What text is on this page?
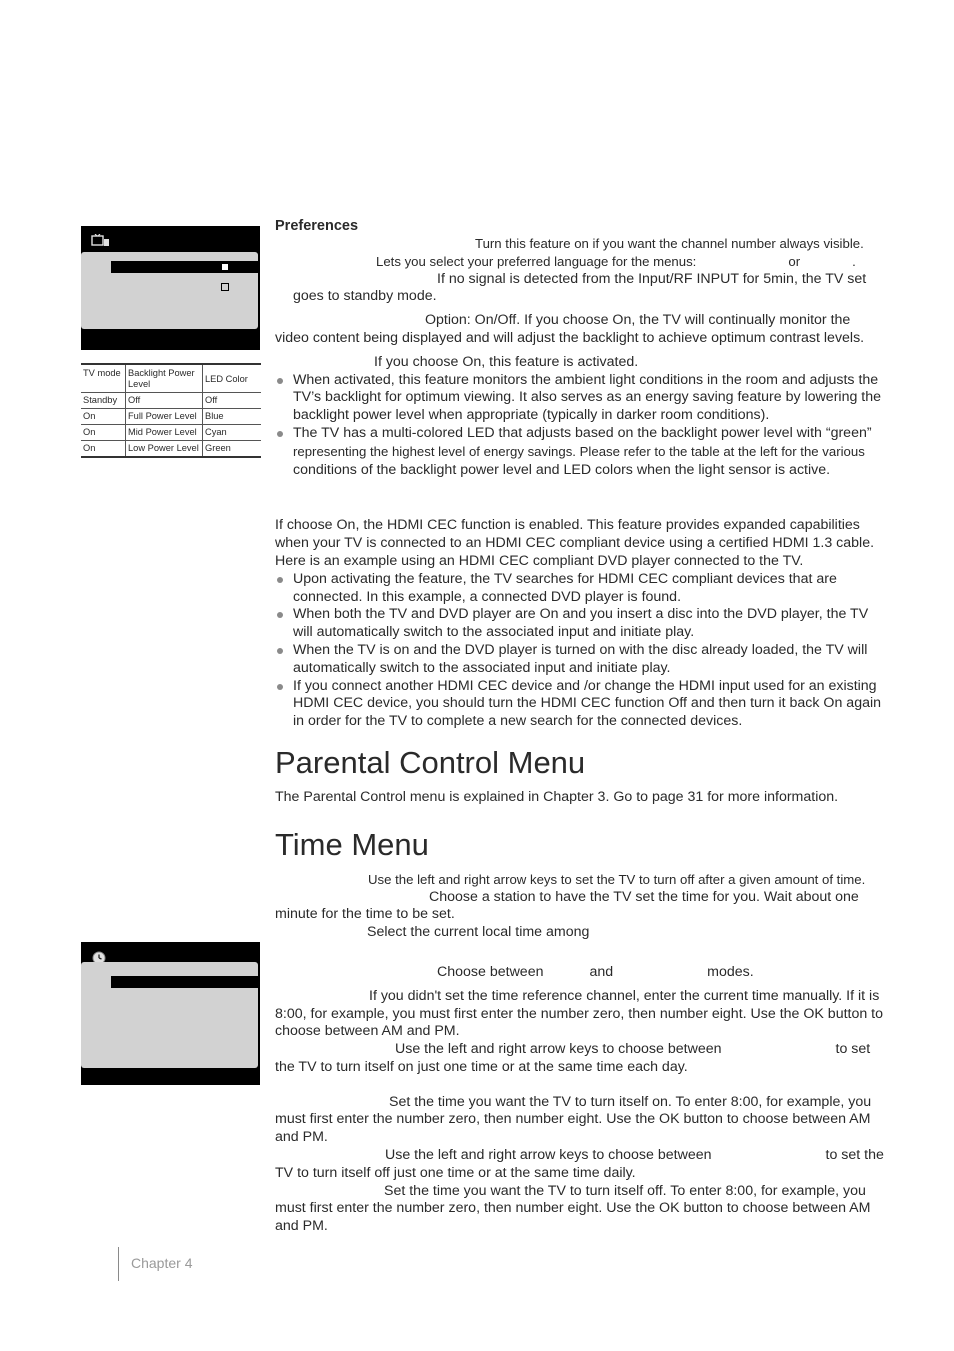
TV mode	Backlight Power Level	LED Color
Standby	Off	Off
On	Full Power Level	Blue
On	Mid Power Level	Cyan
On	Low Power Level	Green

Preferences

Turn this feature on if you want the channel number always visible.

Lets you select your preferred language for the menus:	or	.

If no signal is detected from the Input/RF INPUT for 5min, the TV set goes to standby mode.

Option: On/Off. If you choose On, the TV will continually monitor the video content being displayed and will adjust the backlight to achieve optimum contrast levels.

If you choose On, this feature is activated.

When activated, this feature monitors the ambient light conditions in the room and adjusts the TV’s backlight for optimum viewing. It also serves as an energy saving feature by lowering the backlight power level when appropriate (typically in darker room conditions).
The TV has a multi-colored LED that adjusts based on the backlight power level with “green”
representing the highest level of energy savings. Please refer to the table at the left for the various
conditions of the backlight power level and LED colors when the light sensor is active.

If choose On, the HDMI CEC function is enabled. This feature provides expanded capabilities when your TV is connected to an HDMI CEC compliant device using a certified HDMI 1.3 cable. Here is an example using an HDMI CEC compliant DVD player connected to the TV.

Upon activating the feature, the TV searches for HDMI CEC compliant devices that are connected. In this example, a connected DVD player is found.
When both the TV and DVD player are On and you insert a disc into the DVD player, the TV will automatically switch to the associated input and initiate play.
When the TV is on and the DVD player is turned on with the disc already loaded, the TV will automatically switch to the associated input and initiate play.
If you connect another HDMI CEC device and /or change the HDMI input used for an existing HDMI CEC device, you should turn the HDMI CEC function Off and then turn it back On again in order for the TV to complete a new search for the connected devices.
Parental Control Menu

The Parental Control menu is explained in Chapter 3. Go to page 31 for more information.

Time Menu

Use the left and right arrow keys to set the TV to turn off after a given amount of time.

Choose a station to have the TV set the time for you. Wait about one minute for the time to be set.

Select the current local time among

Choose between	and	modes.

If you didn't set the time reference channel, enter the current time manually. If it is 8:00, for example, you must first enter the number zero, then number eight. Use the OK button to choose between AM and PM.

Use the left and right arrow keys to choose between	to set the TV to turn itself on just one time or at the same time each day.

Set the time you want the TV to turn itself on. To enter 8:00, for example, you must first enter the number zero, then number eight. Use the OK button to choose between AM and PM.

Use the left and right arrow keys to choose between	to set the TV to turn itself off just one time or at the same time daily.

Set the time you want the TV to turn itself off. To enter 8:00, for example, you must first enter the number zero, then number eight. Use the OK button to choose between AM and PM.

Chapter 4
